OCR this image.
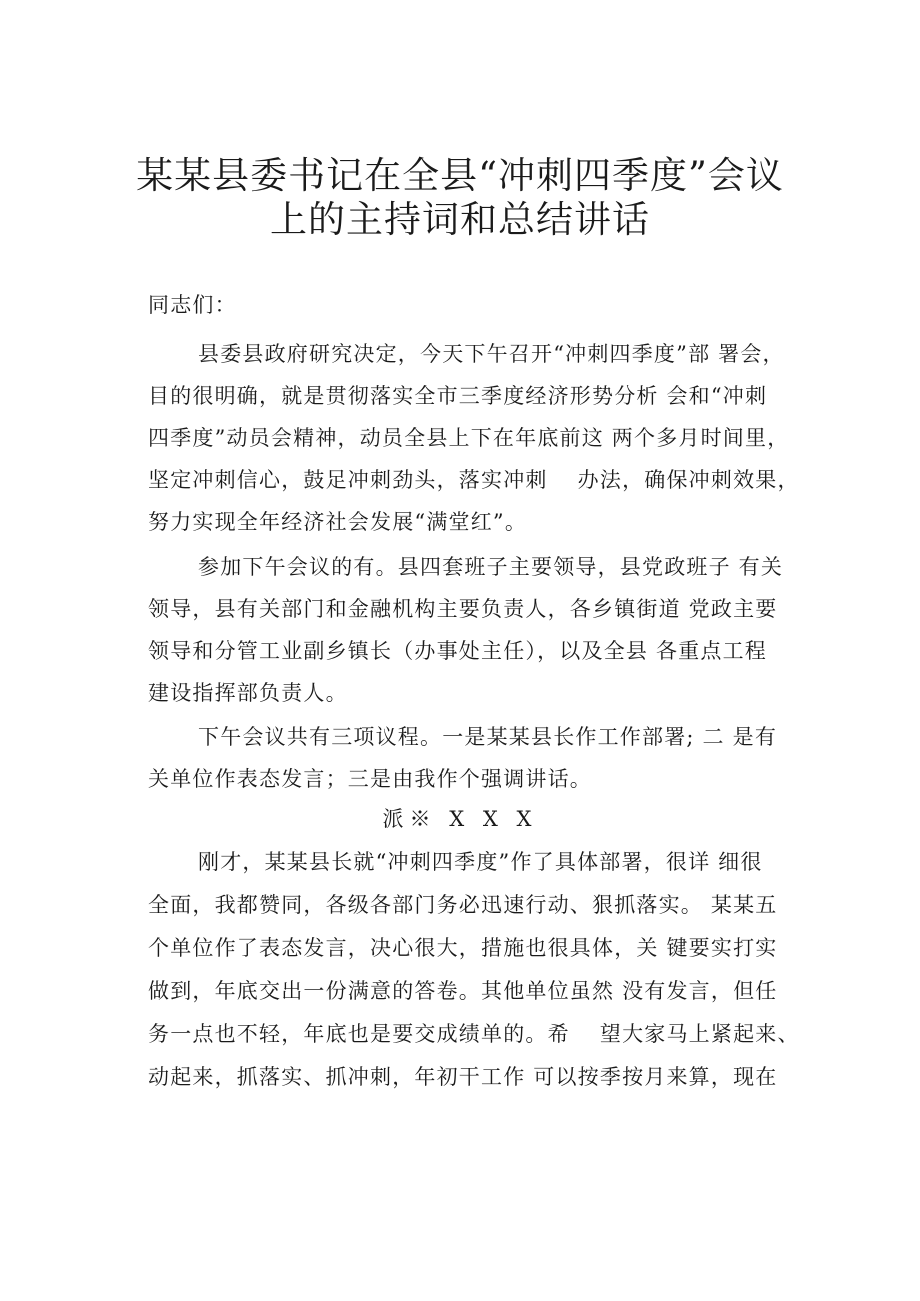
某某县委书记在全县“冲刺四季度”会议
上的主持词和总结讲话

同志们：

县委县政府研究决定，今天下午召开“冲刺四季度”部 署会，

目的很明确，就是贯彻落实全市三季度经济形势分析 会和“冲刺

四季度”动员会精神，动员全县上下在年底前这 两个多月时间里，

坚定冲刺信心，鼓足冲刺劲头，落实冲刺　 办法，确保冲刺效果，

努力实现全年经济社会发展“满堂红”。

参加下午会议的有。县四套班子主要领导，县党政班子 有关

领导，县有关部门和金融机构主要负责人，各乡镇街道 党政主要

领导和分管工业副乡镇长（办事处主任），以及全县 各重点工程

建设指挥部负责人。

下午会议共有三项议程。一是某某县长作工作部署; 二 是有

关单位作表态发言；三是由我作个强调讲话。

派※ X X X

刚才，某某县长就“冲刺四季度”作了具体部署，很详 细很

全面，我都赞同，各级各部门务必迅速行动、狠抓落实。 某某五

个单位作了表态发言，决心很大，措施也很具体，关 键要实打实

做到，年底交出一份满意的答卷。其他单位虽然 没有发言，但任

务一点也不轻，年底也是要交成绩单的。希　 望大家马上紧起来、

动起来，抓落实、抓冲刺，年初干工作 可以按季按月来算，现在
